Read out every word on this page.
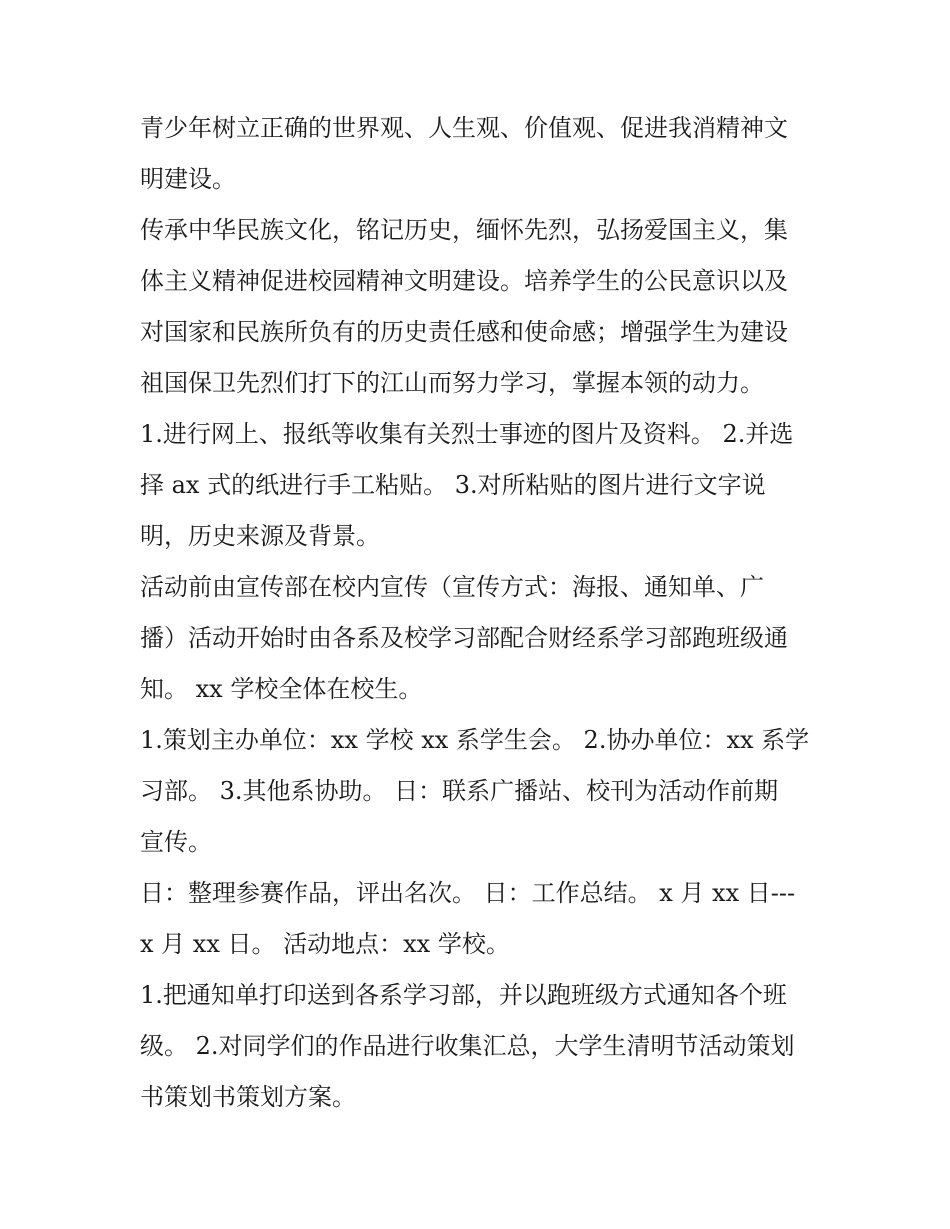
青少年树立正确的世界观、人生观、价值观、促进我消精神文
明建设。
传承中华民族文化，铭记历史，缅怀先烈，弘扬爱国主义，集
体主义精神促进校园精神文明建设。培养学生的公民意识以及
对国家和民族所负有的历史责任感和使命感；增强学生为建设
祖国保卫先烈们打下的江山而努力学习，掌握本领的动力。
1.进行网上、报纸等收集有关烈士事迹的图片及资料。 2.并选
择 ax 式的纸进行手工粘贴。 3.对所粘贴的图片进行文字说
明，历史来源及背景。
活动前由宣传部在校内宣传（宣传方式：海报、通知单、广
播）活动开始时由各系及校学习部配合财经系学习部跑班级通
知。 xx 学校全体在校生。
1.策划主办单位：xx 学校 xx 系学生会。 2.协办单位：xx 系学
习部。 3.其他系协助。 日：联系广播站、校刊为活动作前期
宣传。
日：整理参赛作品，评出名次。 日：工作总结。 x 月 xx 日---
x 月 xx 日。 活动地点：xx 学校。
1.把通知单打印送到各系学习部，并以跑班级方式通知各个班
级。 2.对同学们的作品进行收集汇总，大学生清明节活动策划
书策划书策划方案。
